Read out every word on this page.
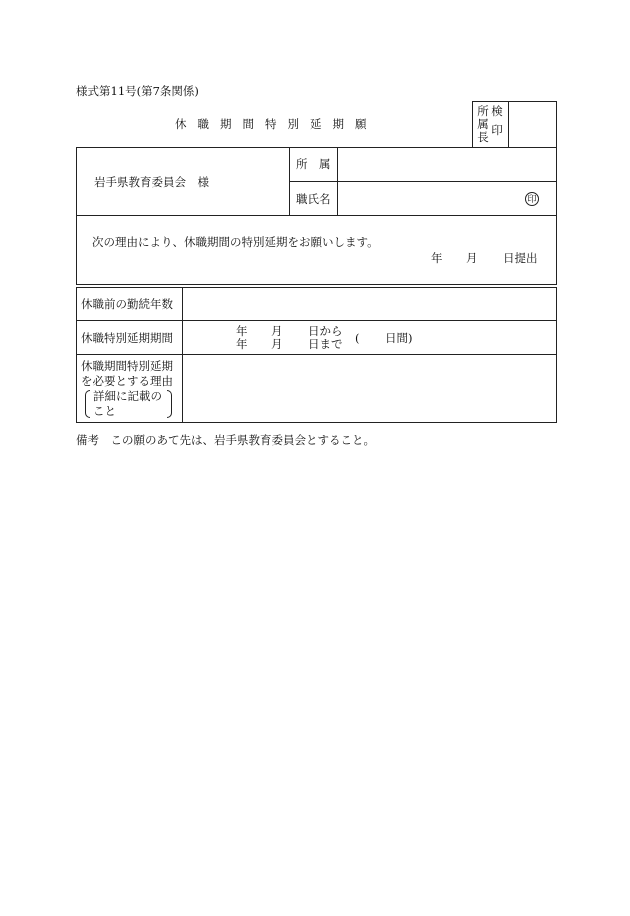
様式第11号(第7条関係)
休職期間特別延期願
所
属
長
検
印
岩手県教育委員会　様
所　属
職氏名	印
次の理由により、休職期間の特別延期をお願いします。
年 月 日提出
休職前の勤続年数
休職特別延期期間	年 月 日から
年 月 日まで ( 日間)
休職期間特別延期
を必要とする理由
詳細に記載の
こと
備考　この願のあて先は、岩手県教育委員会とすること。
